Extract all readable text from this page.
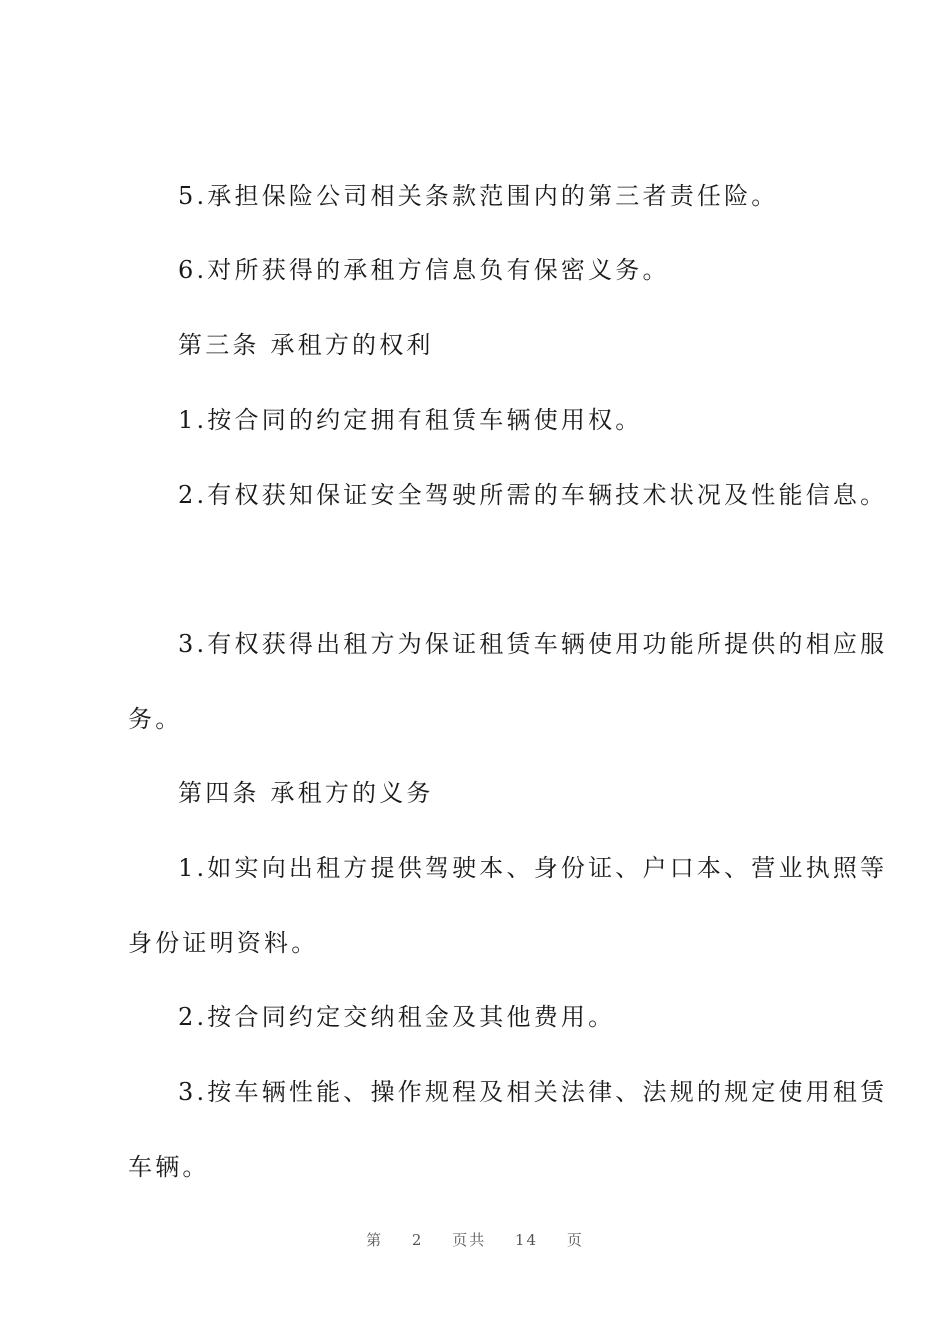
5.承担保险公司相关条款范围内的第三者责任险。
6.对所获得的承租方信息负有保密义务。
第三条 承租方的权利
1.按合同的约定拥有租赁车辆使用权。
2.有权获知保证安全驾驶所需的车辆技术状况及性能信息。
3.有权获得出租方为保证租赁车辆使用功能所提供的相应服
务。
第四条 承租方的义务
1.如实向出租方提供驾驶本、身份证、户口本、营业执照等
身份证明资料。
2.按合同约定交纳租金及其他费用。
3.按车辆性能、操作规程及相关法律、法规的规定使用租赁
车辆。
第 2 页共 14 页
